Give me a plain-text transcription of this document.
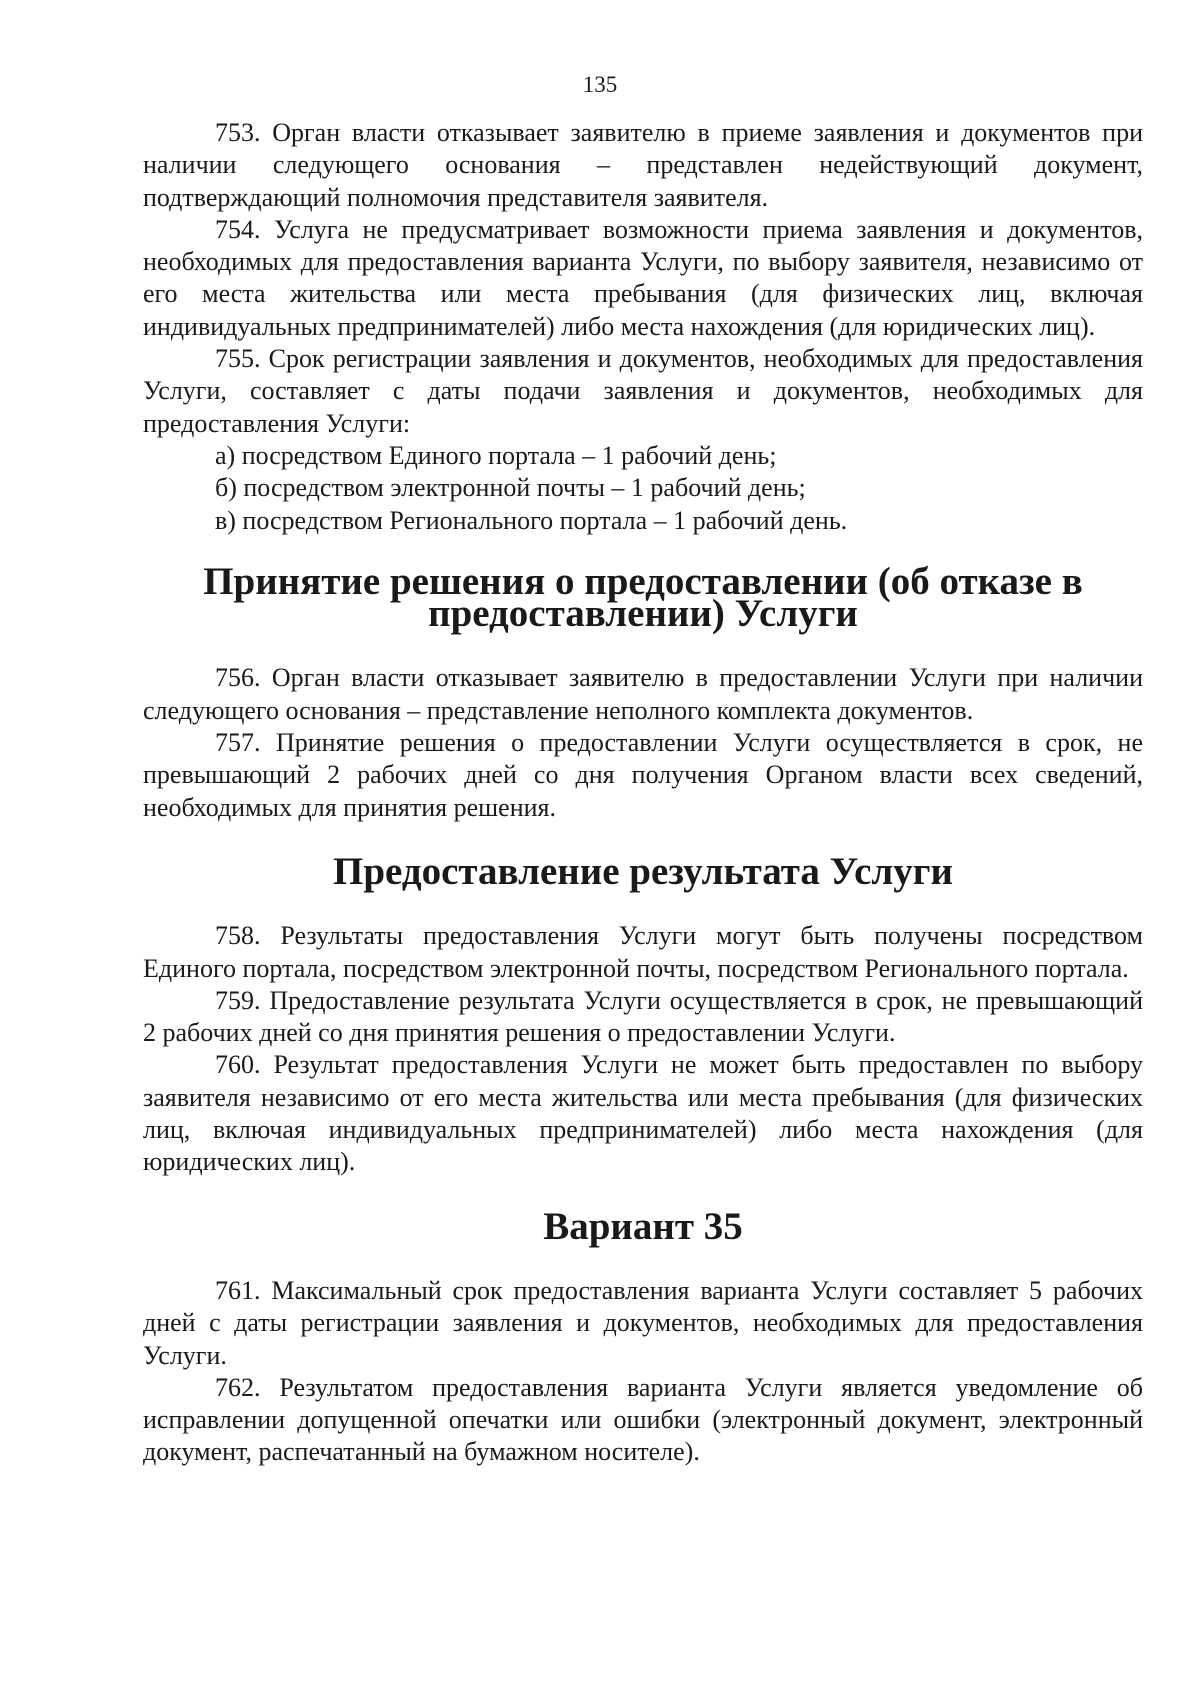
135

753. Орган власти отказывает заявителю в приеме заявления и документов при наличии следующего основания – представлен недействующий документ, подтверждающий полномочия представителя заявителя.

754. Услуга не предусматривает возможности приема заявления и документов, необходимых для предоставления варианта Услуги, по выбору заявителя, независимо от его места жительства или места пребывания (для физических лиц, включая индивидуальных предпринимателей) либо места нахождения (для юридических лиц).

755. Срок регистрации заявления и документов, необходимых для предоставления Услуги, составляет с даты подачи заявления и документов, необходимых для предоставления Услуги:

а) посредством Единого портала – 1 рабочий день;

б) посредством электронной почты – 1 рабочий день;

в) посредством Регионального портала – 1 рабочий день.

Принятие решения о предоставлении (об отказе в предоставлении) Услуги

756. Орган власти отказывает заявителю в предоставлении Услуги при наличии следующего основания – представление неполного комплекта документов.

757. Принятие решения о предоставлении Услуги осуществляется в срок, не превышающий 2 рабочих дней со дня получения Органом власти всех сведений, необходимых для принятия решения.

Предоставление результата Услуги

758. Результаты предоставления Услуги могут быть получены посредством Единого портала, посредством электронной почты, посредством Регионального портала.

759. Предоставление результата Услуги осуществляется в срок, не превышающий 2 рабочих дней со дня принятия решения о предоставлении Услуги.

760. Результат предоставления Услуги не может быть предоставлен по выбору заявителя независимо от его места жительства или места пребывания (для физических лиц, включая индивидуальных предпринимателей) либо места нахождения (для юридических лиц).

Вариант 35

761. Максимальный срок предоставления варианта Услуги составляет 5 рабочих дней с даты регистрации заявления и документов, необходимых для предоставления Услуги.

762. Результатом предоставления варианта Услуги является уведомление об исправлении допущенной опечатки или ошибки (электронный документ, электронный документ, распечатанный на бумажном носителе).
